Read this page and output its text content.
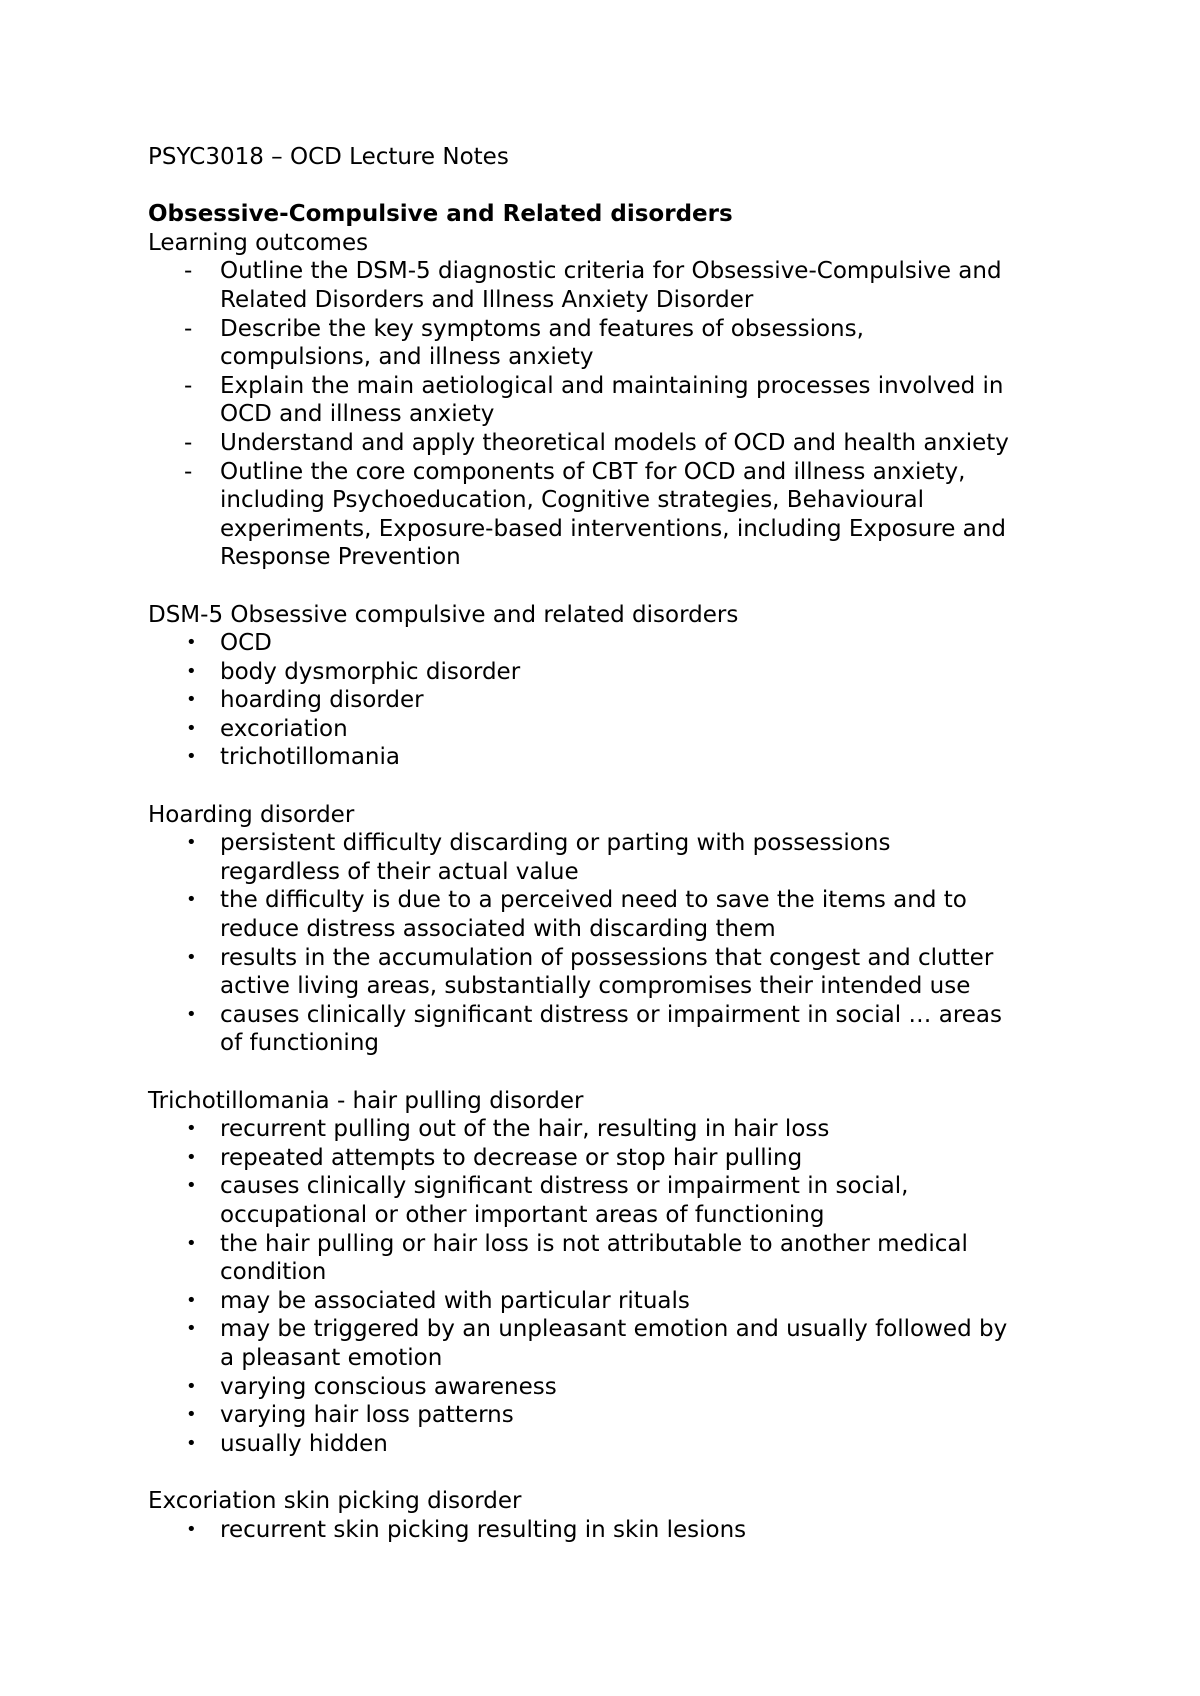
PSYC3018 – OCD Lecture Notes

Obsessive-Compulsive and Related disorders

Learning outcomes

-	Outline the DSM-5 diagnostic criteria for Obsessive-Compulsive and
Related Disorders and Illness Anxiety Disorder
-	Describe the key symptoms and features of obsessions,
compulsions, and illness anxiety
-	Explain the main aetiological and maintaining processes involved in
OCD and illness anxiety
-	Understand and apply theoretical models of OCD and health anxiety
-	Outline the core components of CBT for OCD and illness anxiety,
including Psychoeducation, Cognitive strategies, Behavioural
experiments, Exposure-based interventions, including Exposure and
Response Prevention

DSM-5 Obsessive compulsive and related disorders

•	OCD
•	body dysmorphic disorder
•	hoarding disorder
•	excoriation
•	trichotillomania

Hoarding disorder

•	persistent difficulty discarding or parting with possessions
regardless of their actual value
•	the difficulty is due to a perceived need to save the items and to
reduce distress associated with discarding them
•	results in the accumulation of possessions that congest and clutter
active living areas, substantially compromises their intended use
•	causes clinically significant distress or impairment in social … areas
of functioning

Trichotillomania - hair pulling disorder

•	recurrent pulling out of the hair, resulting in hair loss
•	repeated attempts to decrease or stop hair pulling
•	causes clinically significant distress or impairment in social,
occupational or other important areas of functioning
•	the hair pulling or hair loss is not attributable to another medical
condition
•	may be associated with particular rituals
•	may be triggered by an unpleasant emotion and usually followed by
a pleasant emotion
•	varying conscious awareness
•	varying hair loss patterns
•	usually hidden

Excoriation skin picking disorder

•	recurrent skin picking resulting in skin lesions
